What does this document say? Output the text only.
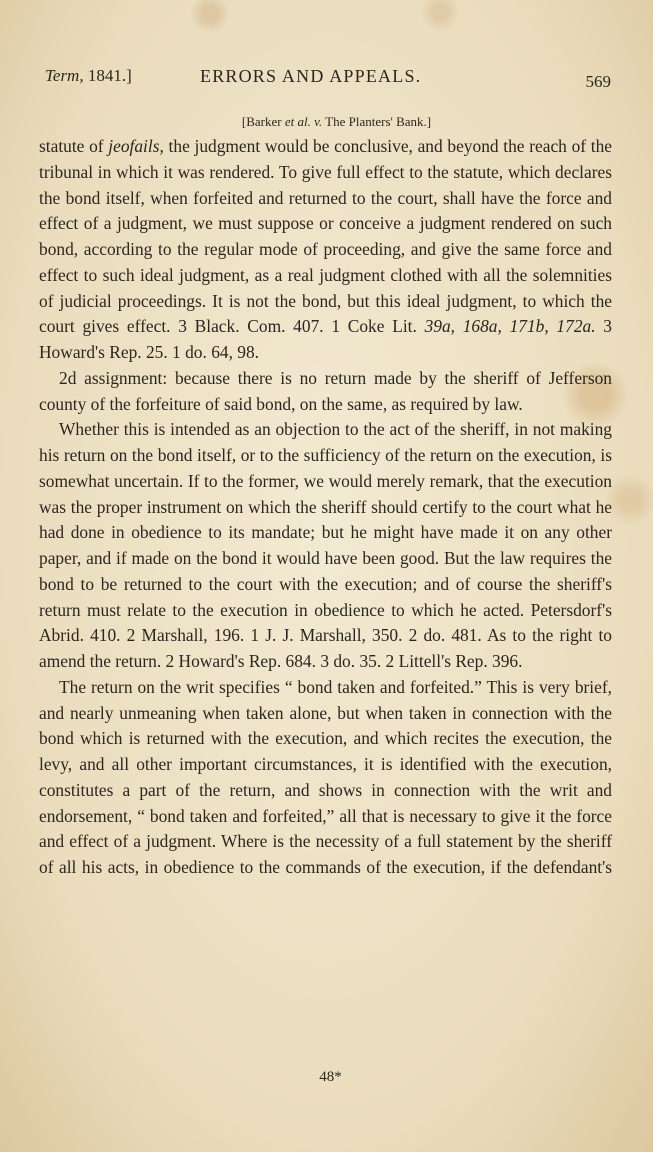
Term, 1841.]	ERRORS AND APPEALS.	569
[Barker et al. v. The Planters' Bank.]

statute of jeofails, the judgment would be conclusive, and beyond the reach of the tribunal in which it was rendered. To give full effect to the statute, which declares the bond itself, when forfeited and returned to the court, shall have the force and effect of a judgment, we must suppose or conceive a judgment rendered on such bond, according to the regular mode of proceeding, and give the same force and effect to such ideal judgment, as a real judgment clothed with all the solemnities of judicial proceedings. It is not the bond, but this ideal judgment, to which the court gives effect. 3 Black. Com. 407. 1 Coke Lit. 39a, 168a, 171b, 172a. 3 Howard's Rep. 25. 1 do. 64, 98.

2d assignment: because there is no return made by the sheriff of Jefferson county of the forfeiture of said bond, on the same, as required by law.

Whether this is intended as an objection to the act of the sheriff, in not making his return on the bond itself, or to the sufficiency of the return on the execution, is somewhat uncertain. If to the former, we would merely remark, that the execution was the proper instrument on which the sheriff should certify to the court what he had done in obedience to its mandate; but he might have made it on any other paper, and if made on the bond it would have been good. But the law requires the bond to be returned to the court with the execution; and of course the sheriff's return must relate to the execution in obedience to which he acted. Petersdorf's Abrid. 410. 2 Marshall, 196. 1 J. J. Marshall, 350. 2 do. 481. As to the right to amend the return. 2 Howard's Rep. 684. 3 do. 35. 2 Littell's Rep. 396.

The return on the writ specifies “ bond taken and forfeited.” This is very brief, and nearly unmeaning when taken alone, but when taken in connection with the bond which is returned with the execution, and which recites the execution, the levy, and all other important circumstances, it is identified with the execution, constitutes a part of the return, and shows in connection with the writ and endorsement, “ bond taken and forfeited,” all that is necessary to give it the force and effect of a judgment. Where is the necessity of a full statement by the sheriff of all his acts, in obedience to the commands of the execution, if the defendant's

48*
